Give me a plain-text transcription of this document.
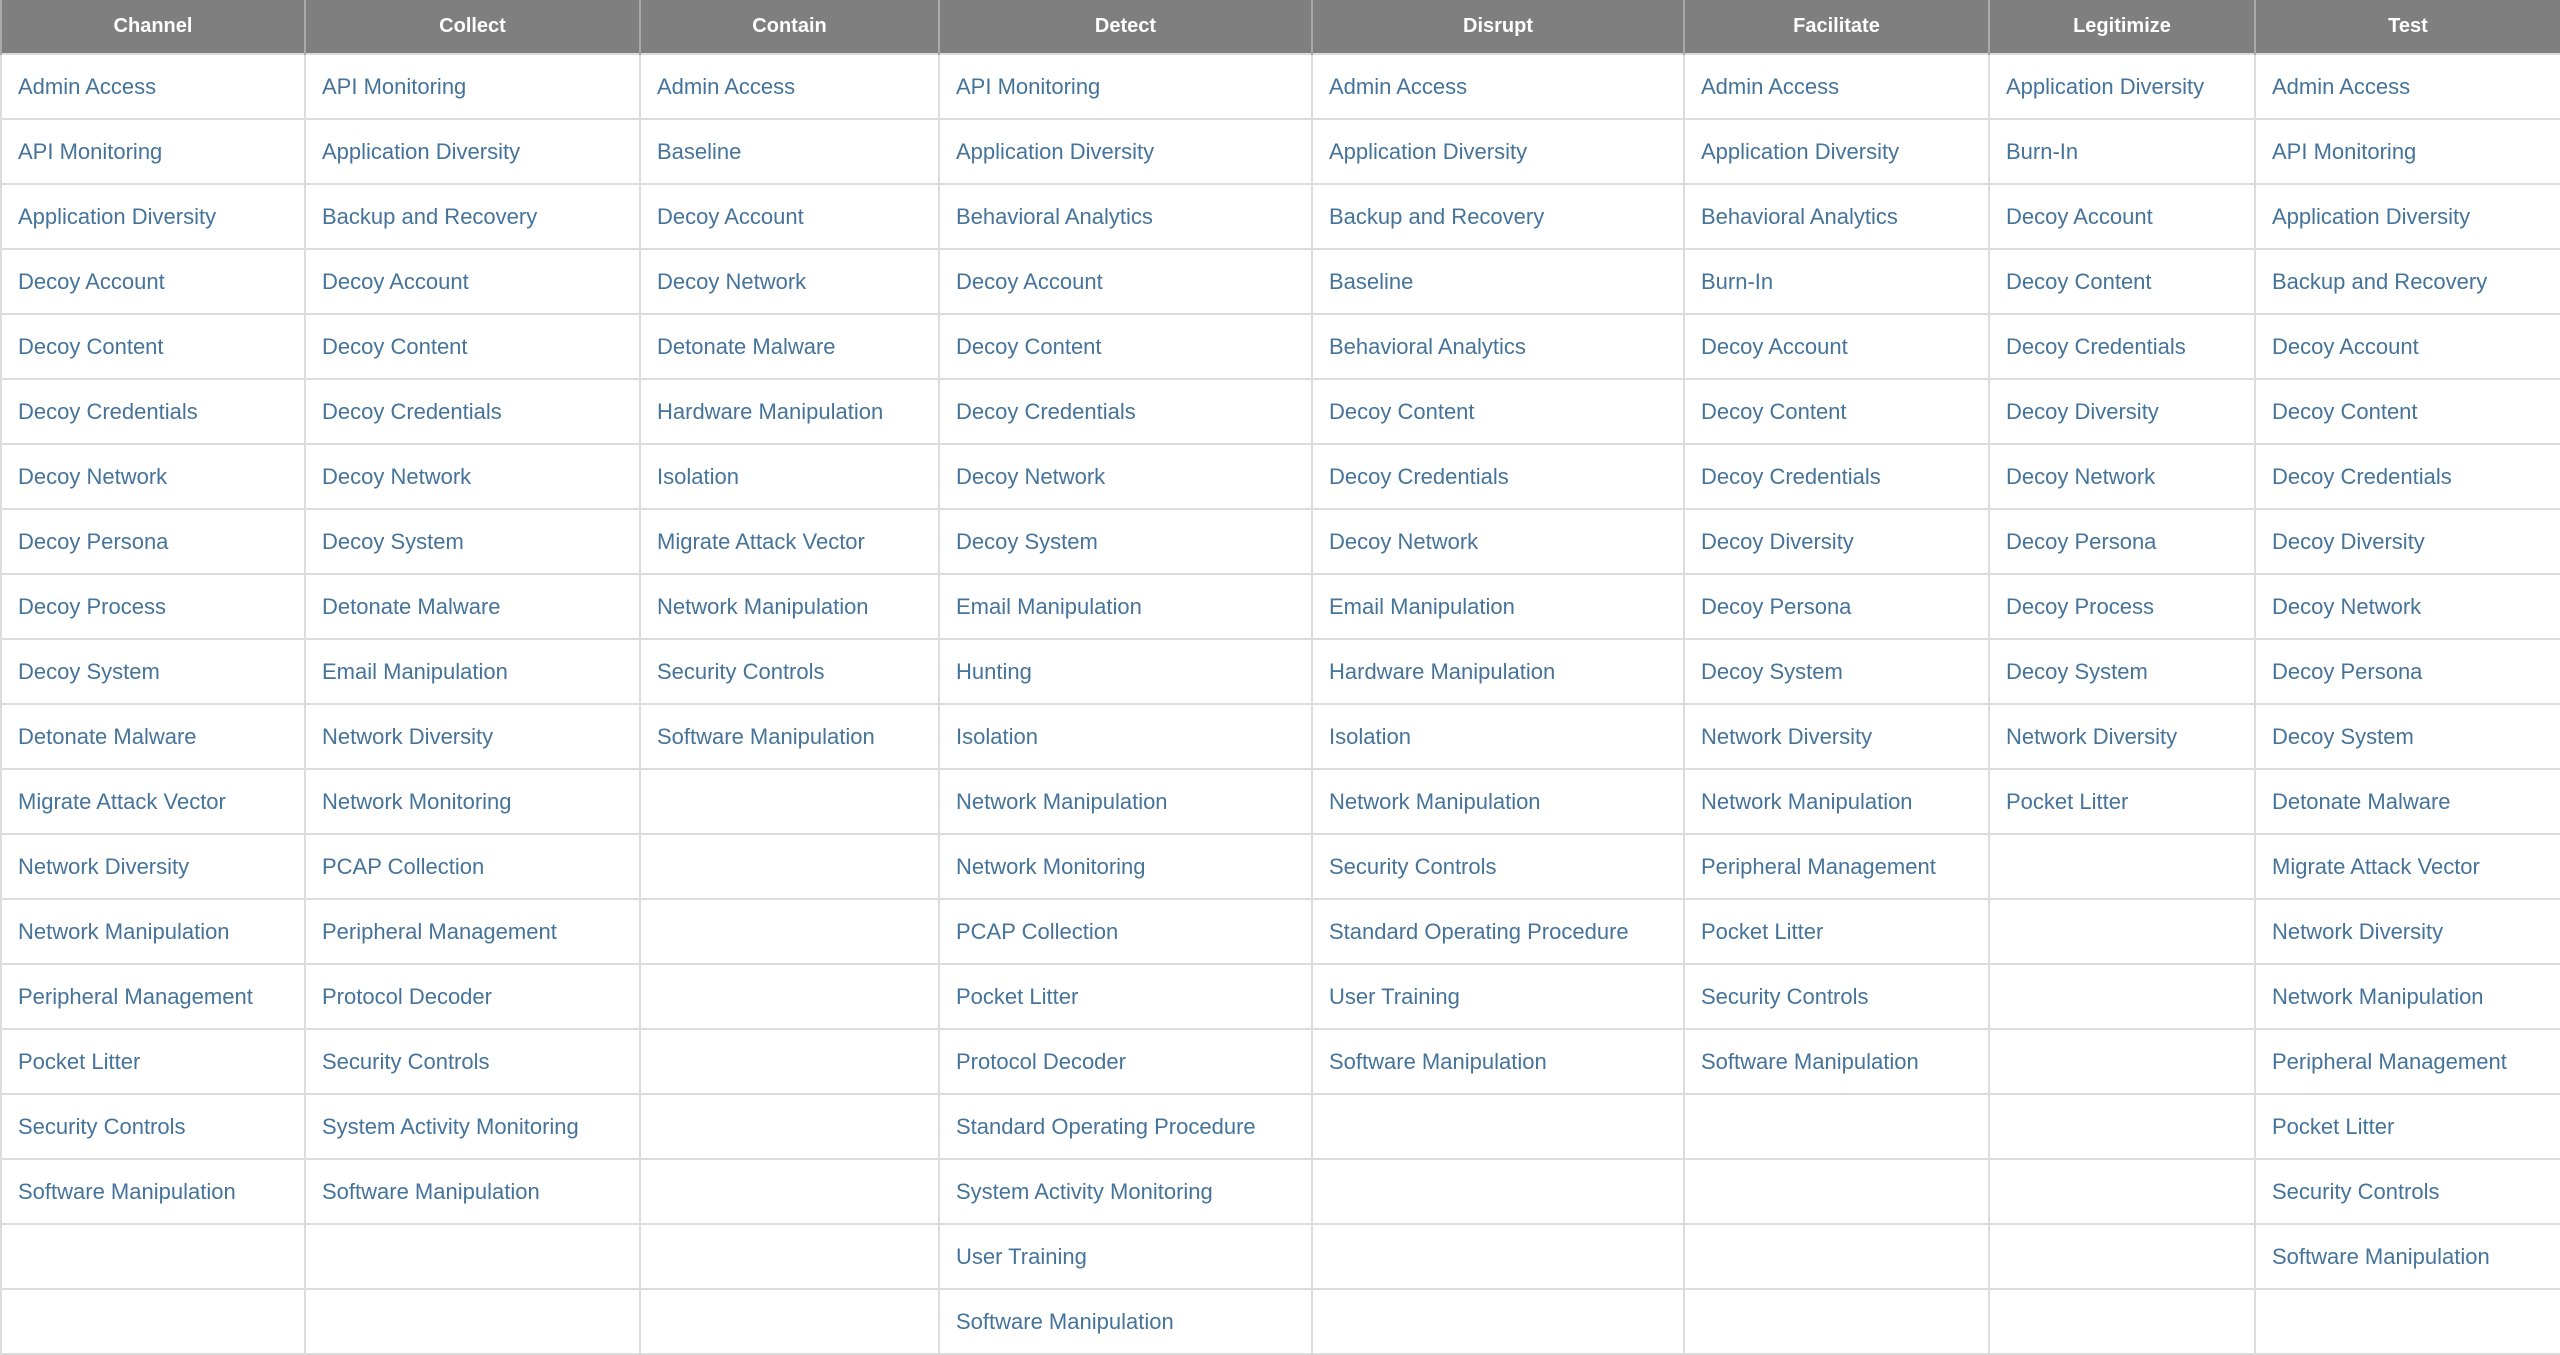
Channel	Collect	Contain	Detect	Disrupt	Facilitate	Legitimize	Test
Admin Access	API Monitoring	Admin Access	API Monitoring	Admin Access	Admin Access	Application Diversity	Admin Access
API Monitoring	Application Diversity	Baseline	Application Diversity	Application Diversity	Application Diversity	Burn-In	API Monitoring
Application Diversity	Backup and Recovery	Decoy Account	Behavioral Analytics	Backup and Recovery	Behavioral Analytics	Decoy Account	Application Diversity
Decoy Account	Decoy Account	Decoy Network	Decoy Account	Baseline	Burn-In	Decoy Content	Backup and Recovery
Decoy Content	Decoy Content	Detonate Malware	Decoy Content	Behavioral Analytics	Decoy Account	Decoy Credentials	Decoy Account
Decoy Credentials	Decoy Credentials	Hardware Manipulation	Decoy Credentials	Decoy Content	Decoy Content	Decoy Diversity	Decoy Content
Decoy Network	Decoy Network	Isolation	Decoy Network	Decoy Credentials	Decoy Credentials	Decoy Network	Decoy Credentials
Decoy Persona	Decoy System	Migrate Attack Vector	Decoy System	Decoy Network	Decoy Diversity	Decoy Persona	Decoy Diversity
Decoy Process	Detonate Malware	Network Manipulation	Email Manipulation	Email Manipulation	Decoy Persona	Decoy Process	Decoy Network
Decoy System	Email Manipulation	Security Controls	Hunting	Hardware Manipulation	Decoy System	Decoy System	Decoy Persona
Detonate Malware	Network Diversity	Software Manipulation	Isolation	Isolation	Network Diversity	Network Diversity	Decoy System
Migrate Attack Vector	Network Monitoring		Network Manipulation	Network Manipulation	Network Manipulation	Pocket Litter	Detonate Malware
Network Diversity	PCAP Collection		Network Monitoring	Security Controls	Peripheral Management		Migrate Attack Vector
Network Manipulation	Peripheral Management		PCAP Collection	Standard Operating Procedure	Pocket Litter		Network Diversity
Peripheral Management	Protocol Decoder		Pocket Litter	User Training	Security Controls		Network Manipulation
Pocket Litter	Security Controls		Protocol Decoder	Software Manipulation	Software Manipulation		Peripheral Management
Security Controls	System Activity Monitoring		Standard Operating Procedure				Pocket Litter
Software Manipulation	Software Manipulation		System Activity Monitoring				Security Controls
			User Training				Software Manipulation
			Software Manipulation				
